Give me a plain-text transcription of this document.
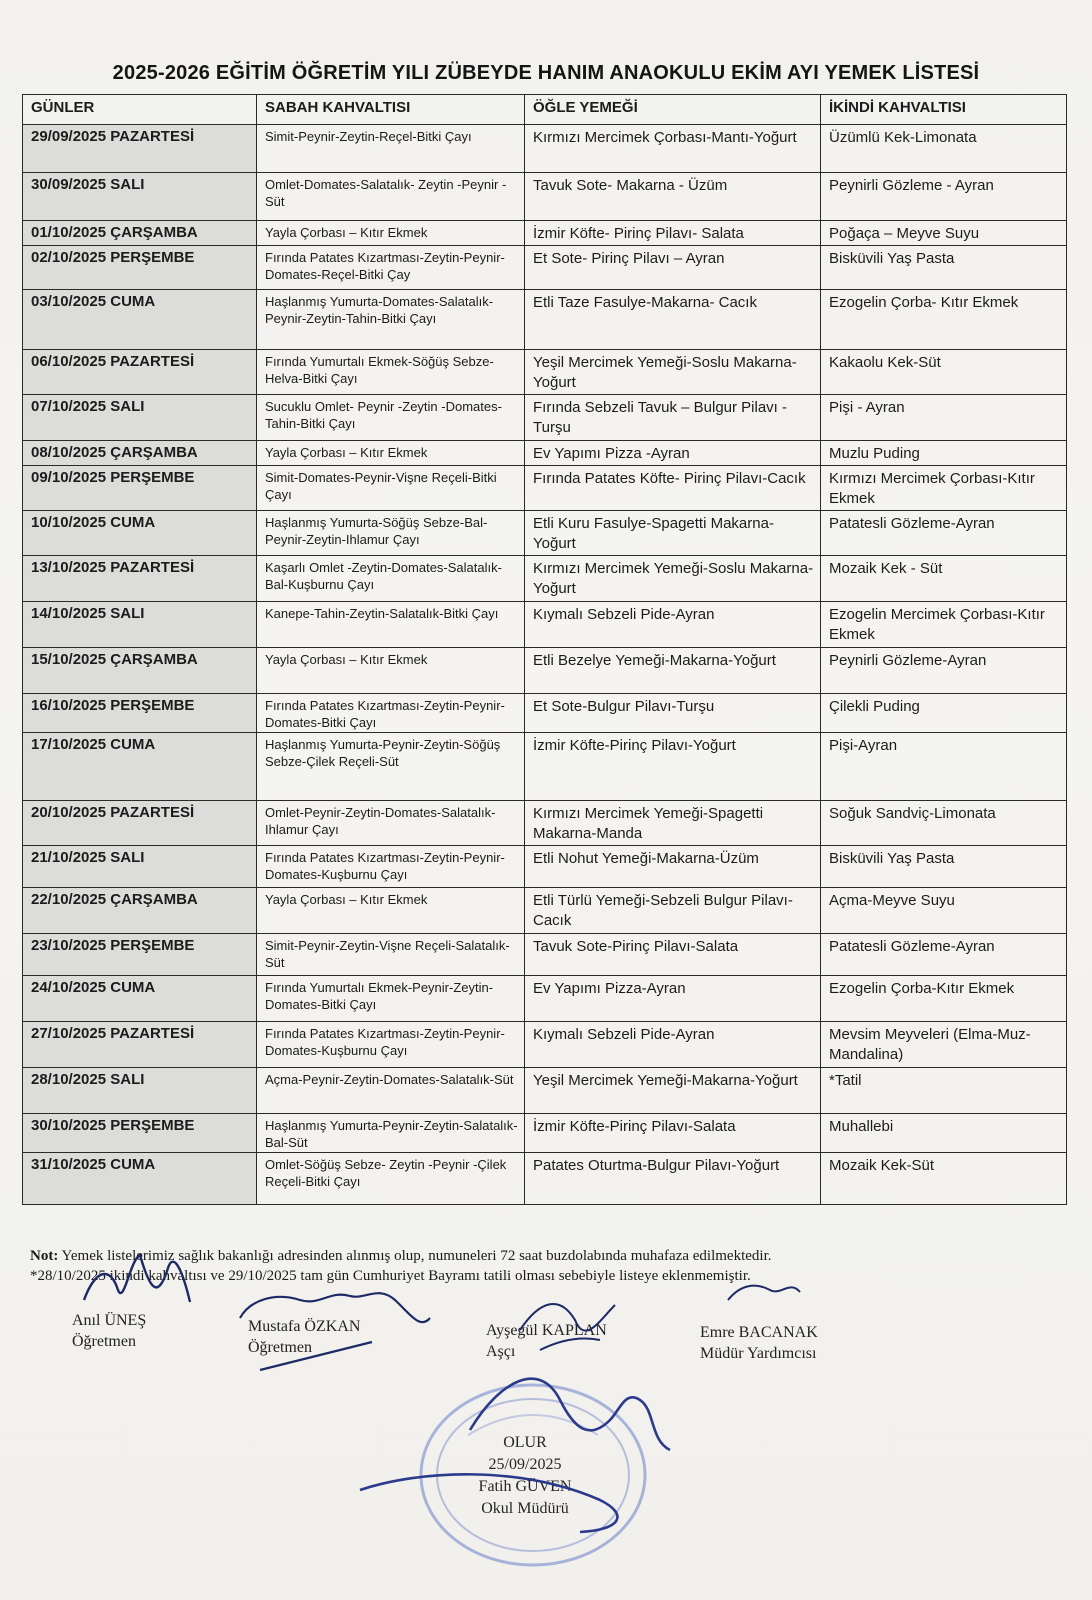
2025-2026 EĞİTİM ÖĞRETİM YILI ZÜBEYDE HANIM ANAOKULU EKİM AYI YEMEK LİSTESİ
GÜNLER	SABAH KAHVALTISI	ÖĞLE YEMEĞİ	İKİNDİ KAHVALTISI
29/09/2025 PAZARTESİ	Simit-Peynir-Zeytin-Reçel-Bitki Çayı	Kırmızı Mercimek Çorbası-Mantı-Yoğurt	Üzümlü Kek-Limonata
30/09/2025 SALI	Omlet-Domates-Salatalık- Zeytin -Peynir - Süt	Tavuk Sote- Makarna - Üzüm	Peynirli Gözleme - Ayran
01/10/2025 ÇARŞAMBA	Yayla Çorbası – Kıtır Ekmek	İzmir Köfte- Pirinç Pilavı- Salata	Poğaça – Meyve Suyu
02/10/2025 PERŞEMBE	Fırında Patates Kızartması-Zeytin-Peynir-Domates-Reçel-Bitki Çay	Et Sote- Pirinç Pilavı – Ayran	Bisküvili Yaş Pasta
03/10/2025 CUMA	Haşlanmış Yumurta-Domates-Salatalık-Peynir-Zeytin-Tahin-Bitki Çayı	Etli Taze Fasulye-Makarna- Cacık	Ezogelin Çorba- Kıtır Ekmek
06/10/2025 PAZARTESİ	Fırında Yumurtalı Ekmek-Söğüş Sebze-Helva-Bitki Çayı	Yeşil Mercimek Yemeği-Soslu Makarna-Yoğurt	Kakaolu Kek-Süt
07/10/2025 SALI	Sucuklu Omlet- Peynir -Zeytin -Domates-Tahin-Bitki Çayı	Fırında Sebzeli Tavuk – Bulgur Pilavı -Turşu	Pişi - Ayran
08/10/2025 ÇARŞAMBA	Yayla Çorbası – Kıtır Ekmek	Ev Yapımı Pizza -Ayran	Muzlu Puding
09/10/2025 PERŞEMBE	Simit-Domates-Peynir-Vişne Reçeli-Bitki Çayı	Fırında Patates Köfte- Pirinç Pilavı-Cacık	Kırmızı Mercimek Çorbası-Kıtır Ekmek
10/10/2025 CUMA	Haşlanmış Yumurta-Söğüş Sebze-Bal-Peynir-Zeytin-Ihlamur Çayı	Etli Kuru Fasulye-Spagetti Makarna-Yoğurt	Patatesli Gözleme-Ayran
13/10/2025 PAZARTESİ	Kaşarlı Omlet -Zeytin-Domates-Salatalık-Bal-Kuşburnu Çayı	Kırmızı Mercimek Yemeği-Soslu Makarna-Yoğurt	Mozaik Kek - Süt
14/10/2025 SALI	Kanepe-Tahin-Zeytin-Salatalık-Bitki Çayı	Kıymalı Sebzeli Pide-Ayran	Ezogelin Mercimek Çorbası-Kıtır Ekmek
15/10/2025 ÇARŞAMBA	Yayla Çorbası – Kıtır Ekmek	Etli Bezelye Yemeği-Makarna-Yoğurt	Peynirli Gözleme-Ayran
16/10/2025 PERŞEMBE	Fırında Patates Kızartması-Zeytin-Peynir-Domates-Bitki Çayı	Et Sote-Bulgur Pilavı-Turşu	Çilekli Puding
17/10/2025 CUMA	Haşlanmış Yumurta-Peynir-Zeytin-Söğüş Sebze-Çilek Reçeli-Süt	İzmir Köfte-Pirinç Pilavı-Yoğurt	Pişi-Ayran
20/10/2025 PAZARTESİ	Omlet-Peynir-Zeytin-Domates-Salatalık-Ihlamur Çayı	Kırmızı Mercimek Yemeği-Spagetti Makarna-Manda	Soğuk Sandviç-Limonata
21/10/2025 SALI	Fırında Patates Kızartması-Zeytin-Peynir-Domates-Kuşburnu Çayı	Etli Nohut Yemeği-Makarna-Üzüm	Bisküvili Yaş Pasta
22/10/2025 ÇARŞAMBA	Yayla Çorbası – Kıtır Ekmek	Etli Türlü Yemeği-Sebzeli Bulgur Pilavı- Cacık	Açma-Meyve Suyu
23/10/2025 PERŞEMBE	Simit-Peynir-Zeytin-Vişne Reçeli-Salatalık-Süt	Tavuk Sote-Pirinç Pilavı-Salata	Patatesli Gözleme-Ayran
24/10/2025 CUMA	Fırında Yumurtalı Ekmek-Peynir-Zeytin-Domates-Bitki Çayı	Ev Yapımı Pizza-Ayran	Ezogelin Çorba-Kıtır Ekmek
27/10/2025 PAZARTESİ	Fırında Patates Kızartması-Zeytin-Peynir-Domates-Kuşburnu Çayı	Kıymalı Sebzeli Pide-Ayran	Mevsim Meyveleri (Elma-Muz-Mandalina)
28/10/2025 SALI	Açma-Peynir-Zeytin-Domates-Salatalık-Süt	Yeşil Mercimek Yemeği-Makarna-Yoğurt	*Tatil
30/10/2025 PERŞEMBE	Haşlanmış Yumurta-Peynir-Zeytin-Salatalık-Bal-Süt	İzmir Köfte-Pirinç Pilavı-Salata	Muhallebi
31/10/2025 CUMA	Omlet-Söğüş Sebze- Zeytin -Peynir -Çilek Reçeli-Bitki Çayı	Patates Oturtma-Bulgur Pilavı-Yoğurt	Mozaik Kek-Süt
Not: Yemek listelerimiz sağlık bakanlığı adresinden alınmış olup, numuneleri 72 saat buzdolabında muhafaza edilmektedir.
*28/10/2025 ikindi kahvaltısı ve 29/10/2025 tam gün Cumhuriyet Bayramı tatili olması sebebiyle listeye eklenmemiştir.
Anıl ÜNEŞ
Öğretmen
Mustafa ÖZKAN
Öğretmen
Ayşegül KAPLAN
Aşçı
Emre BACANAK
Müdür Yardımcısı
OLUR
25/09/2025
Fatih GÜVEN
Okul Müdürü
